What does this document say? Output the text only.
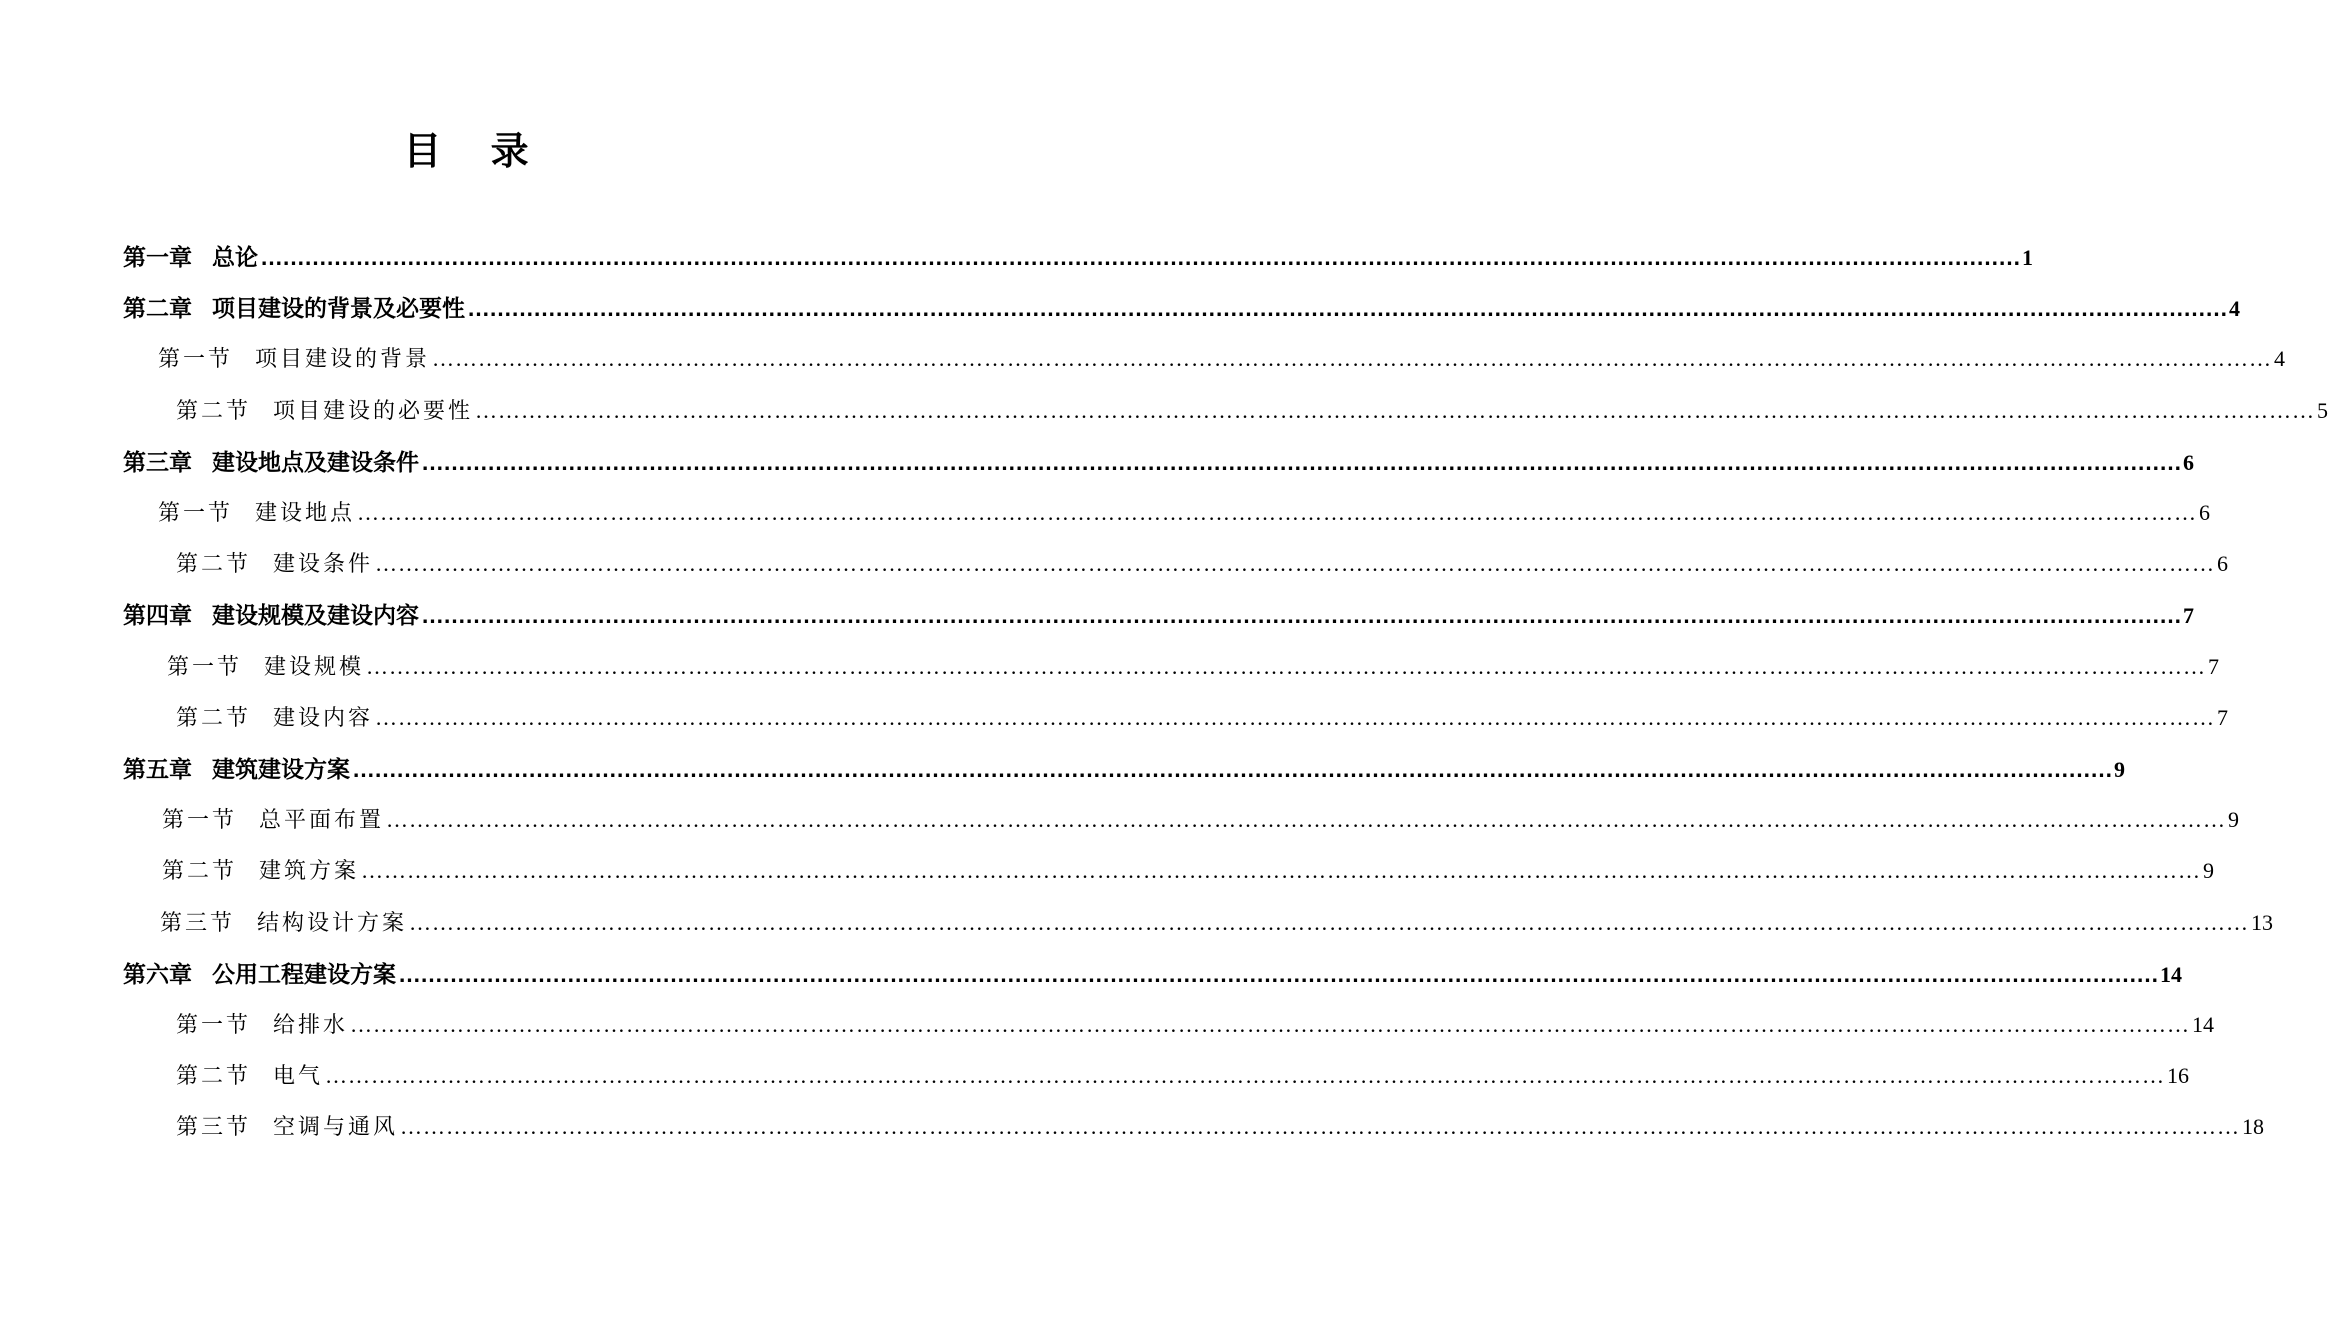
目 录
第一章 总论 …………………………………………………………………………………………………………………………………………………………………………………………………………………… 1
第二章 项目建设的背景及必要性 …………………………………………………………………………………………………………………………………………………………………………………………………………………… 4
第一节 项目建设的背景 …………………………………………………………………………………………………………………………………………………………………………………………………………………… 4
第二节 项目建设的必要性 …………………………………………………………………………………………………………………………………………………………………………………………………………………… 5
第三章 建设地点及建设条件 …………………………………………………………………………………………………………………………………………………………………………………………………………………… 6
第一节 建设地点 …………………………………………………………………………………………………………………………………………………………………………………………………………………… 6
第二节 建设条件 …………………………………………………………………………………………………………………………………………………………………………………………………………………… 6
第四章 建设规模及建设内容 …………………………………………………………………………………………………………………………………………………………………………………………………………………… 7
第一节 建设规模 …………………………………………………………………………………………………………………………………………………………………………………………………………………… 7
第二节 建设内容 …………………………………………………………………………………………………………………………………………………………………………………………………………………… 7
第五章 建筑建设方案 …………………………………………………………………………………………………………………………………………………………………………………………………………………… 9
第一节 总平面布置 …………………………………………………………………………………………………………………………………………………………………………………………………………………… 9
第二节 建筑方案 …………………………………………………………………………………………………………………………………………………………………………………………………………………… 9
第三节 结构设计方案 …………………………………………………………………………………………………………………………………………………………………………………………………………………… 13
第六章 公用工程建设方案 …………………………………………………………………………………………………………………………………………………………………………………………………………………… 14
第一节 给排水 …………………………………………………………………………………………………………………………………………………………………………………………………………………… 14
第二节 电气 …………………………………………………………………………………………………………………………………………………………………………………………………………………… 16
第三节 空调与通风 …………………………………………………………………………………………………………………………………………………………………………………………………………………… 18
